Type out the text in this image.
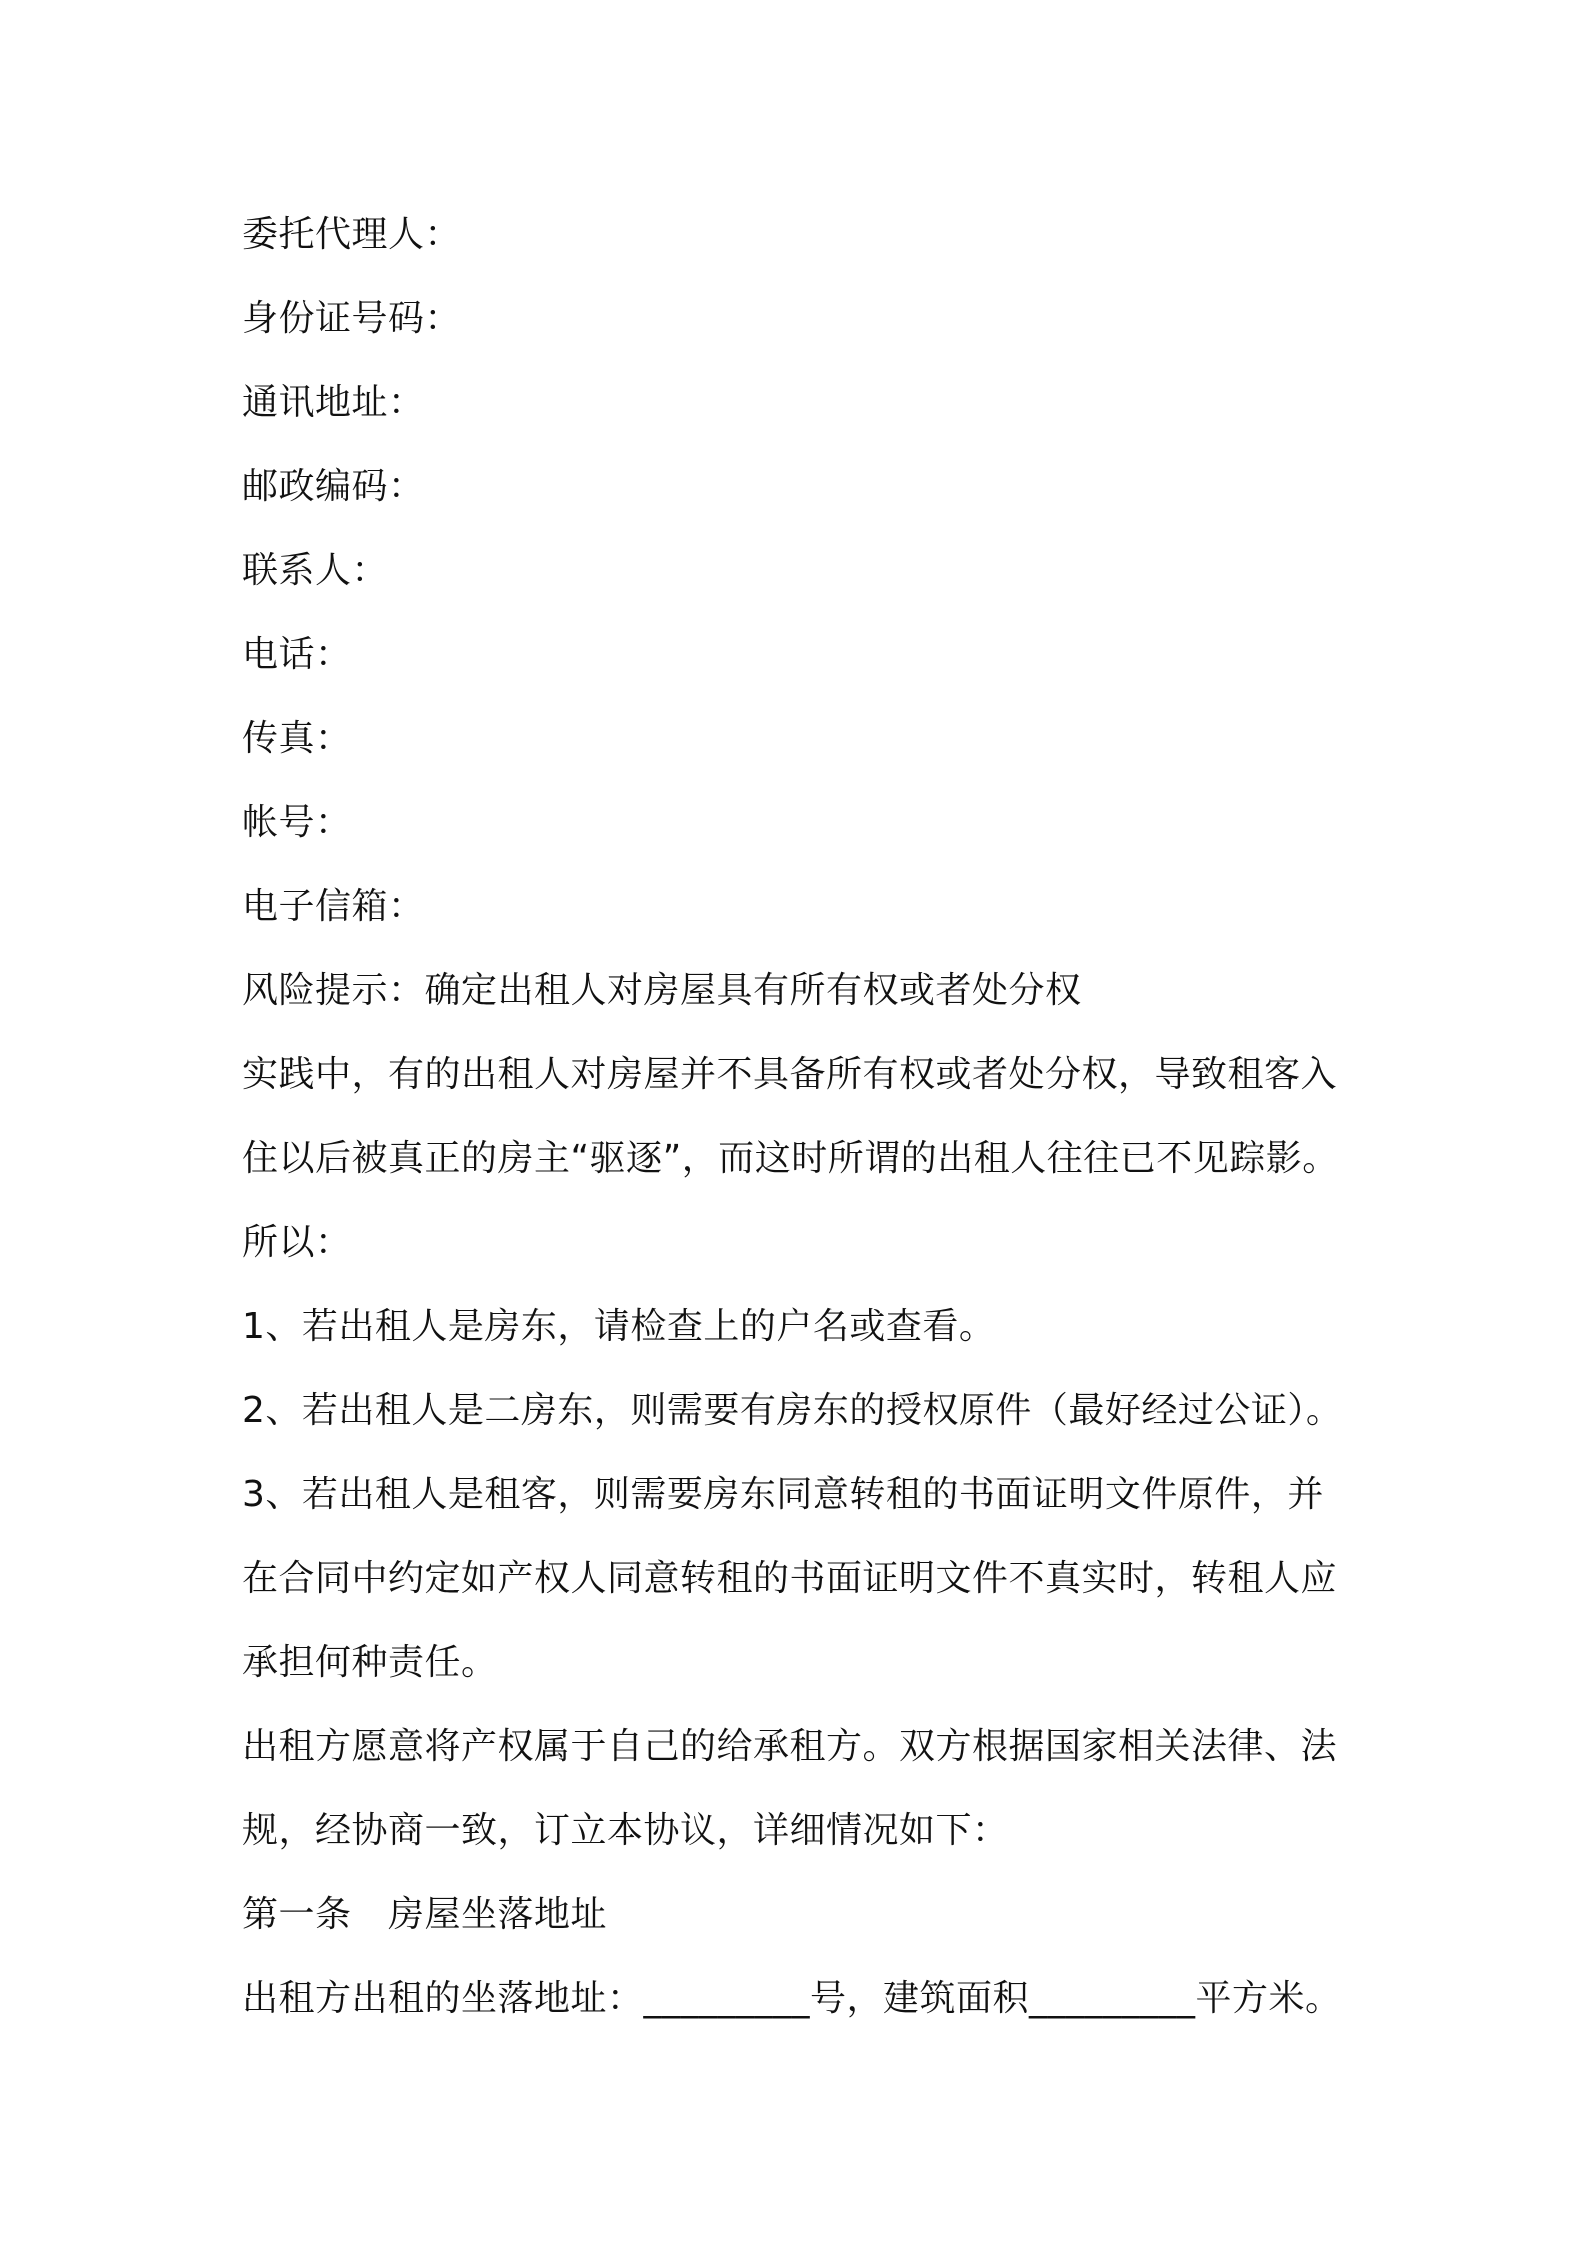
委托代理人：
身份证号码：
通讯地址：
邮政编码：
联系人：
电话：
传真：
帐号：
电子信箱：
风险提示：确定出租人对房屋具有所有权或者处分权
实践中，有的出租人对房屋并不具备所有权或者处分权，导致租客入
住以后被真正的房主“驱逐”，而这时所谓的出租人往往已不见踪影。
所以：
1、若出租人是房东，请检查上的户名或查看。
2、若出租人是二房东，则需要有房东的授权原件（最好经过公证）。
3、若出租人是租客，则需要房东同意转租的书面证明文件原件，并
在合同中约定如产权人同意转租的书面证明文件不真实时，转租人应
承担何种责任。
出租方愿意将产权属于自己的给承租方。双方根据国家相关法律、法
规，经协商一致，订立本协议，详细情况如下：
第一条　房屋坐落地址
出租方出租的坐落地址：_________号，建筑面积_________平方米。
